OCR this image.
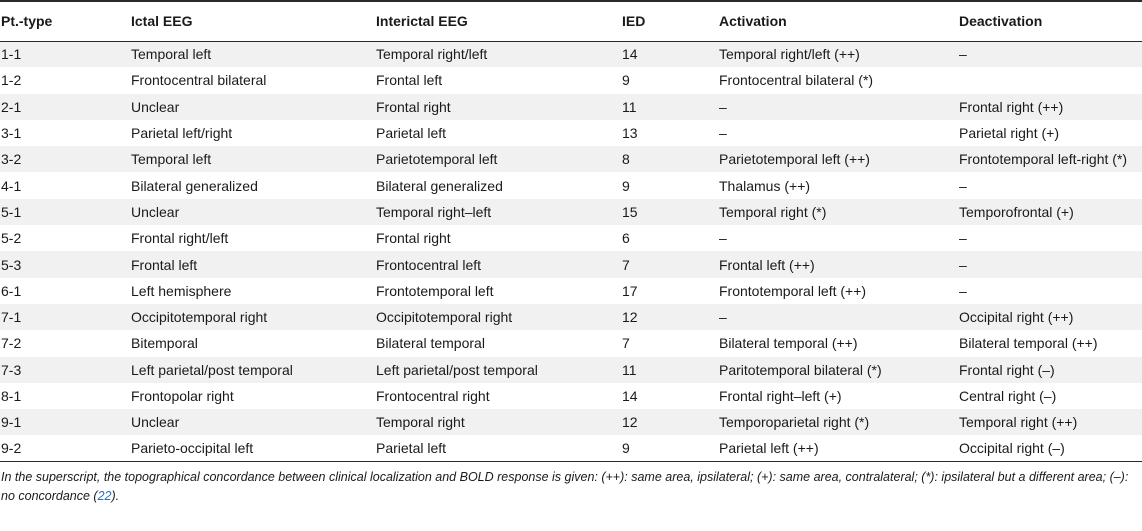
Pt.-type	Ictal EEG	Interictal EEG	IED	Activation	Deactivation
1-1	Temporal left	Temporal right/left	14	Temporal right/left (++)	–
1-2	Frontocentral bilateral	Frontal left	9	Frontocentral bilateral (*)	
2-1	Unclear	Frontal right	11	–	Frontal right (++)
3-1	Parietal left/right	Parietal left	13	–	Parietal right (+)
3-2	Temporal left	Parietotemporal left	8	Parietotemporal left (++)	Frontotemporal left-right (*)
4-1	Bilateral generalized	Bilateral generalized	9	Thalamus (++)	–
5-1	Unclear	Temporal right–left	15	Temporal right (*)	Temporofrontal (+)
5-2	Frontal right/left	Frontal right	6	–	–
5-3	Frontal left	Frontocentral left	7	Frontal left (++)	–
6-1	Left hemisphere	Frontotemporal left	17	Frontotemporal left (++)	–
7-1	Occipitotemporal right	Occipitotemporal right	12	–	Occipital right (++)
7-2	Bitemporal	Bilateral temporal	7	Bilateral temporal (++)	Bilateral temporal (++)
7-3	Left parietal/post temporal	Left parietal/post temporal	11	Paritotemporal bilateral (*)	Frontal right (–)
8-1	Frontopolar right	Frontocentral right	14	Frontal right–left (+)	Central right (–)
9-1	Unclear	Temporal right	12	Temporoparietal right (*)	Temporal right (++)
9-2	Parieto-occipital left	Parietal left	9	Parietal left (++)	Occipital right (–)
In the superscript, the topographical concordance between clinical localization and BOLD response is given: (++): same area, ipsilateral; (+): same area, contralateral; (*): ipsilateral but a different area; (–): no concordance (22).
